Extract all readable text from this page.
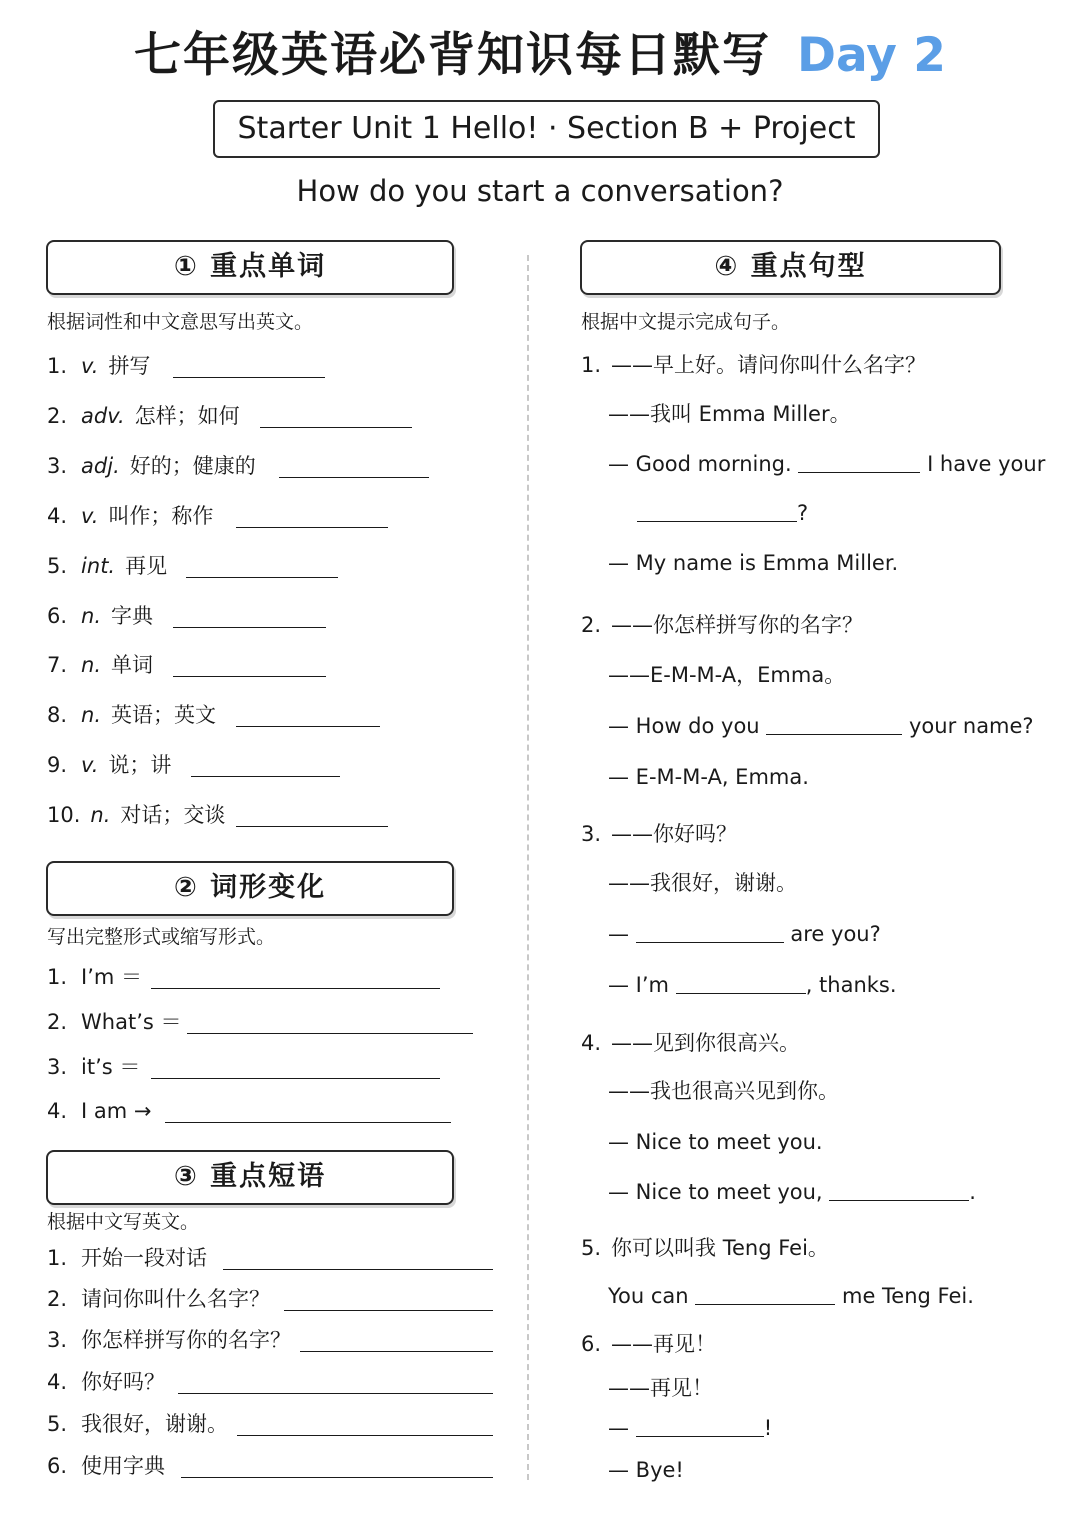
七年级英语必背知识每日默写 Day 2
Starter Unit 1 Hello! · Section B + Project
How do you start a conversation?
① 重点单词
根据词性和中文意思写出英文。
1. v. 拼写
2. adv. 怎样；如何
3. adj. 好的；健康的
4. v. 叫作；称作
5. int. 再见
6. n. 字典
7. n. 单词
8. n. 英语；英文
9. v. 说；讲
10. n. 对话；交谈
② 词形变化
写出完整形式或缩写形式。
1. I’m ＝
2. What’s ＝
3. it’s ＝
4. I am →
③ 重点短语
根据中文写英文。
1. 开始一段对话
2. 请问你叫什么名字？
3. 你怎样拼写你的名字？
4. 你好吗？
5. 我很好，谢谢。
6. 使用字典
④ 重点句型
根据中文提示完成句子。
1. ——早上好。请问你叫什么名字？
——我叫 Emma Miller。
— Good morning.	I have your
?
— My name is Emma Miller.
2. ——你怎样拼写你的名字？
——E-M-M-A，Emma。
— How do you	your name?
— E-M-M-A, Emma.
3. ——你好吗？
——我很好，谢谢。
—	are you?
— I’m	, thanks.
4. ——见到你很高兴。
——我也很高兴见到你。
— Nice to meet you.
— Nice to meet you,	.
5. 你可以叫我 Teng Fei。
You can	me Teng Fei.
6. ——再见！
——再见！
—	!
— Bye!
